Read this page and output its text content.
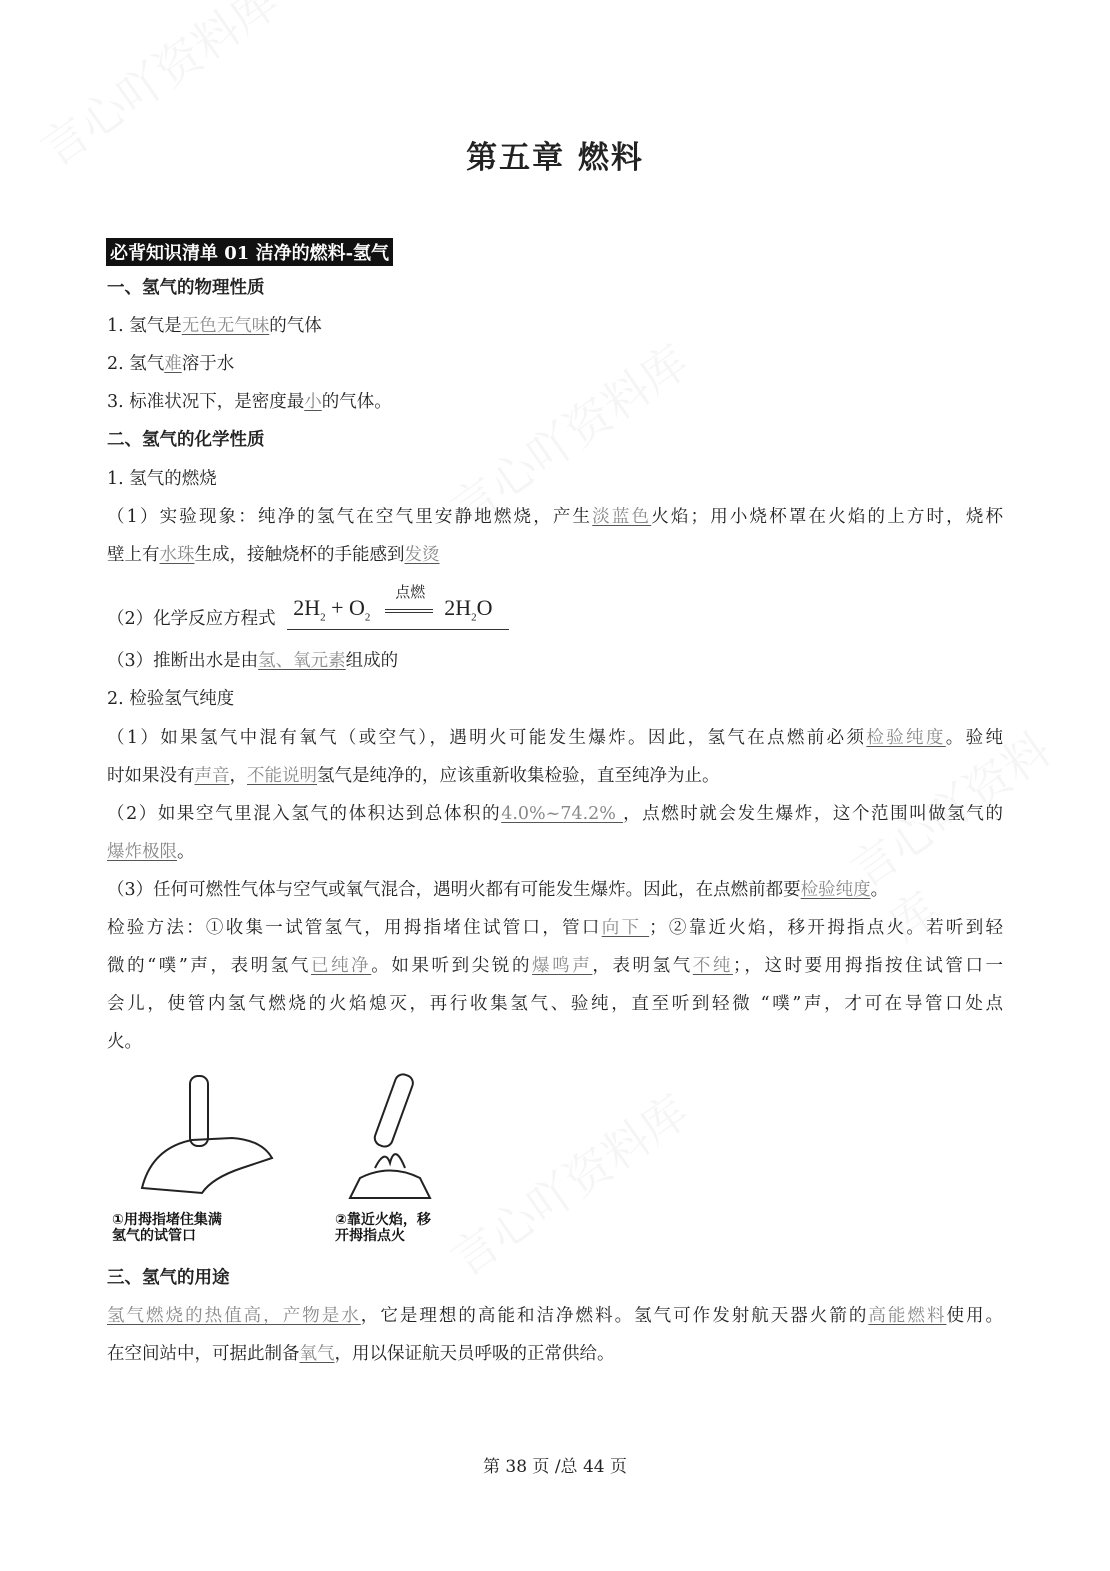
第五章 燃料
必背知识清单 01 洁净的燃料-氢气
一、氢气的物理性质
1. 氢气是无色无气味的气体
2. 氢气难溶于水
3. 标准状况下，是密度最小的气体。
二、氢气的化学性质
1. 氢气的燃烧
（1）实验现象：纯净的氢气在空气里安静地燃烧，产生淡蓝色火焰；用小烧杯罩在火焰的上方时，烧杯
壁上有水珠生成，接触烧杯的手能感到发烫
（3）推断出水是由氢、氧元素组成的
2. 检验氢气纯度
（1）如果氢气中混有氧气（或空气），遇明火可能发生爆炸。因此，氢气在点燃前必须检验纯度。验纯
时如果没有声音，不能说明氢气是纯净的，应该重新收集检验，直至纯净为止。
（2）如果空气里混入氢气的体积达到总体积的4.0%~74.2% ，点燃时就会发生爆炸，这个范围叫做氢气的
爆炸极限。
（3）任何可燃性气体与空气或氧气混合，遇明火都有可能发生爆炸。因此，在点燃前都要检验纯度。
检验方法：①收集一试管氢气，用拇指堵住试管口，管口向下 ；②靠近火焰，移开拇指点火。若听到轻
微的“噗”声，表明氢气已纯净。如果听到尖锐的爆鸣声，表明氢气不纯；，这时要用拇指按住试管口一
会儿，使管内氢气燃烧的火焰熄灭，再行收集氢气、验纯，直至听到轻微 “噗”声，才可在导管口处点
火。
三、氢气的用途
氢气燃烧的热值高，产物是水，它是理想的高能和洁净燃料。氢气可作发射航天器火箭的高能燃料使用。
在空间站中，可据此制备氧气，用以保证航天员呼吸的正常供给。
（2）化学反应方程式 $2H_2 + O_2$
点燃
$2H_2O$
①用拇指堵住集满
氢气的试管口
②靠近火焰，移
开拇指点火
第 38 页 /总 44 页
